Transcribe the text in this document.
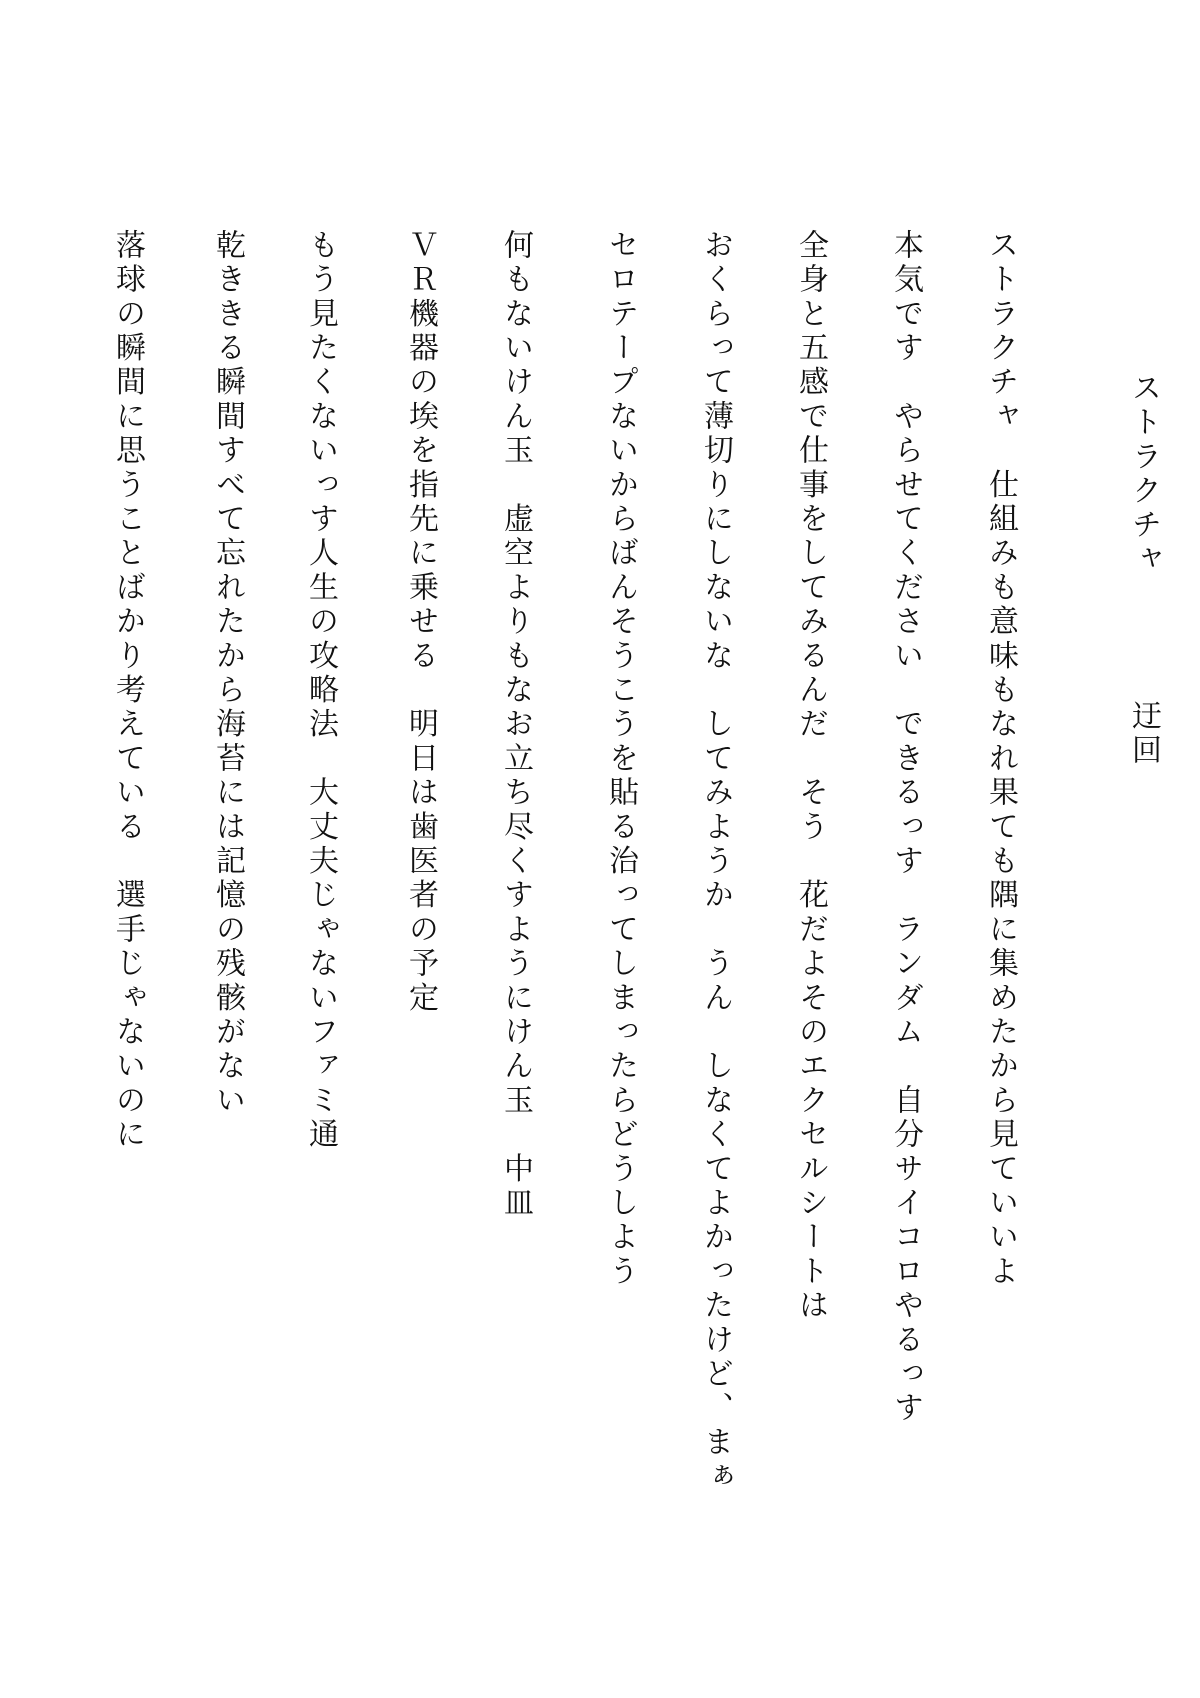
ストラクチャ
迂回
ストラクチャ　仕組みも意味もなれ果ても隅に集めたから見ていいよ
本気です　やらせてください　できるっす　ランダム　自分サイコロやるっす
全身と五感で仕事をしてみるんだ　そう　花だよそのエクセルシートは
おくらって薄切りにしないな　してみようか　うん　しなくてよかったけど、まぁ
セロテープないからばんそうこうを貼る治ってしまったらどうしよう
何もないけん玉　虚空よりもなお立ち尽くすようにけん玉　中皿
ＶＲ機器の埃を指先に乗せる　明日は歯医者の予定
もう見たくないっす人生の攻略法　大丈夫じゃないファミ通
乾ききる瞬間すべて忘れたから海苔には記憶の残骸がない
落球の瞬間に思うことばかり考えている　選手じゃないのに
